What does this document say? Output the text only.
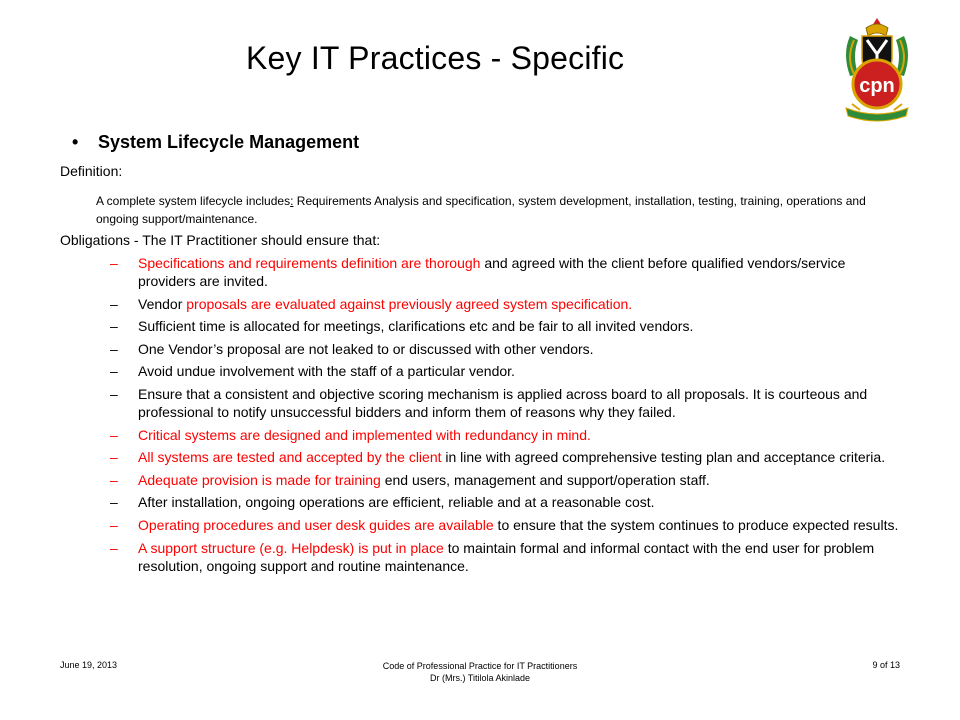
Key IT Practices - Specific
cpn
• System Lifecycle Management
Definition:
A complete system lifecycle includes: Requirements Analysis and specification, system development, installation, testing, training, operations and ongoing support/maintenance.
Obligations - The IT Practitioner should ensure that:
– Specifications and requirements definition are thorough and agreed with the client before qualified vendors/service providers are invited.
– Vendor proposals are evaluated against previously agreed system specification.
– Sufficient time is allocated for meetings, clarifications etc and be fair to all invited vendors.
– One Vendor’s proposal are not leaked to or discussed with other vendors.
– Avoid undue involvement with the staff of a particular vendor.
– Ensure that a consistent and objective scoring mechanism is applied across board to all proposals. It is courteous and professional to notify unsuccessful bidders and inform them of reasons why they failed.
– Critical systems are designed and implemented with redundancy in mind.
– All systems are tested and accepted by the client in line with agreed comprehensive testing plan and acceptance criteria.
– Adequate provision is made for training end users, management and support/operation staff.
– After installation, ongoing operations are efficient, reliable and at a reasonable cost.
– Operating procedures and user desk guides are available to ensure that the system continues to produce expected results.
– A support structure (e.g. Helpdesk) is put in place to maintain formal and informal contact with the end user for problem resolution, ongoing support and routine maintenance.
June 19, 2013	Code of Professional Practice for IT Practitioners
Dr (Mrs.) Titilola Akinlade
9 of 13
